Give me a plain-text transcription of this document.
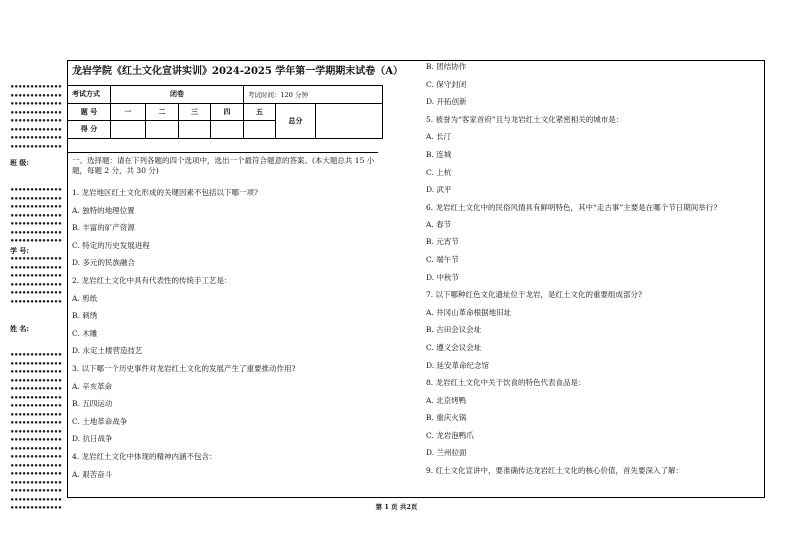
•••••••••••••
•••••••••••••
•••••••••••••
•••••••••••••
•••••••••••••
•••••••••••••
•••••••••••••
•••••••••••••
•••••••••••••
•••••••••••••
•••••••••••••
•••••••••••••
•••••••••••••
•••••••••••••
•••••••••••••
•••••••••••••
•••••••••••••
•••••••••••••
•••••••••••••
•••••••••••••
•••••••••••••
•••••••••••••
•••••••••••••
•••••••••••••
•••••••••••••
•••••••••••••
•••••••••••••
•••••••••••••
•••••••••••••
•••••••••••••
•••••••••••••
•••••••••••••
•••••••••••••
•••••••••••••
•••••••••••••
•••••••••••••
•••••••••••••
•••••••••••••
•••••••••••••
•••••••••••••
班 级:
学 号:
姓 名:
龙岩学院《红土文化宣讲实训》2024-2025 学年第一学期期末试卷（A）
考试方式	闭卷				考试时间：120 分钟		
题 号	一	二	三	四	五	总分	
得 分							
一、选择题：请在下列各题的四个选项中，选出一个最符合题意的答案。(本大题总共 15 小题，每题 2 分，共 30 分)
1. 龙岩地区红土文化形成的关键因素不包括以下哪一项?
A. 独特的地理位置
B. 丰富的矿产资源
C. 特定的历史发展进程
D. 多元的民族融合
2. 龙岩红土文化中具有代表性的传统手工艺是：
A. 剪纸
B. 刺绣
C. 木雕
D. 永定土楼营造技艺
3. 以下哪一个历史事件对龙岩红土文化的发展产生了重要推动作用?
A. 辛亥革命
B. 五四运动
C. 土地革命战争
D. 抗日战争
4. 龙岩红土文化中体现的精神内涵不包含：
A. 艰苦奋斗
B. 团结协作
C. 保守封闭
D. 开拓创新
5. 被誉为“客家首府”且与龙岩红土文化紧密相关的城市是：
A. 长汀
B. 连城
C. 上杭
D. 武平
6. 龙岩红土文化中的民俗风情具有鲜明特色，其中“走古事”主要是在哪个节日期间举行?
A. 春节
B. 元宵节
C. 端午节
D. 中秋节
7. 以下哪种红色文化遗址位于龙岩，是红土文化的重要组成部分?
A. 井冈山革命根据地旧址
B. 古田会议会址
C. 遵义会议会址
D. 延安革命纪念馆
8. 龙岩红土文化中关于饮食的特色代表食品是：
A. 北京烤鸭
B. 重庆火锅
C. 龙岩泡鸭爪
D. 兰州拉面
9. 红土文化宣讲中，要准确传达龙岩红土文化的核心价值，首先要深入了解：
第 1 页 共2页
